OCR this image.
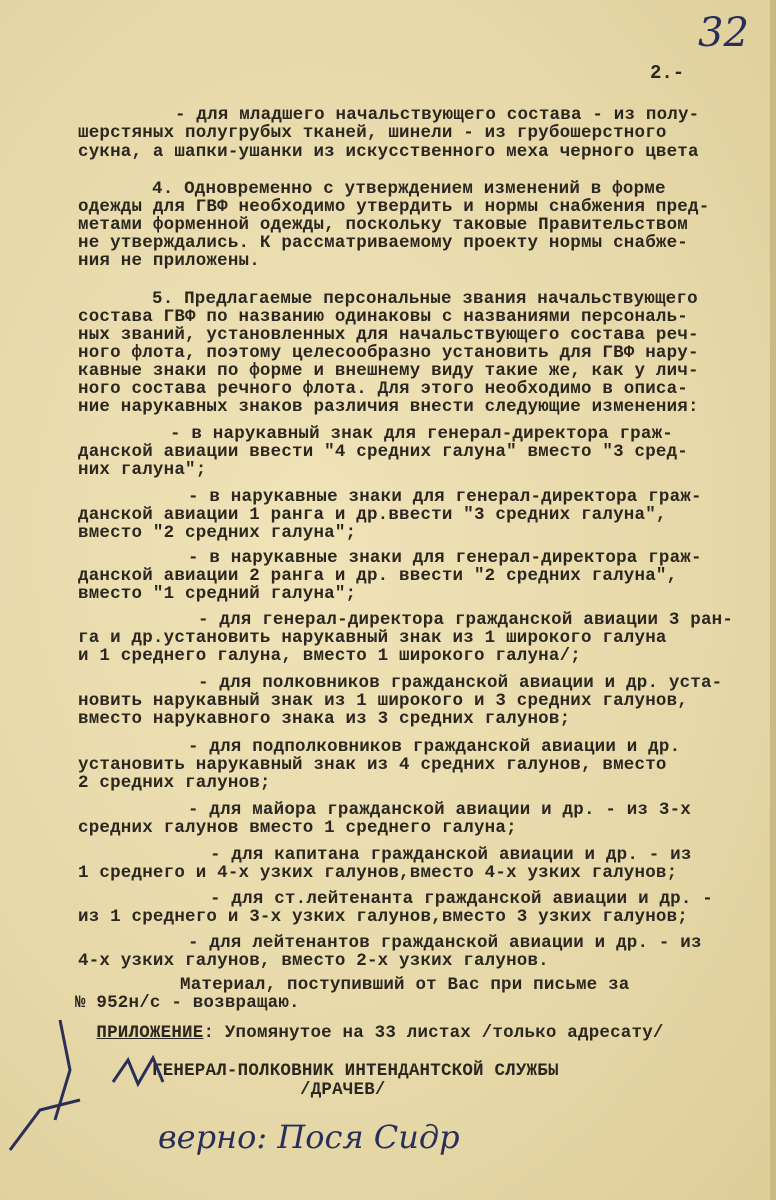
32
2.-
- для младшего начальствующего состава - из полу-
шерстяных полугрубых тканей, шинели - из грубошерстного
сукна, а шапки-ушанки из искусственного меха черного цвета
4. Одновременно с утверждением изменений в форме
одежды для ГВФ необходимо утвердить и нормы снабжения пред-
метами форменной одежды, поскольку таковые Правительством
не утверждались. К рассматриваемому проекту нормы снабже-
ния не приложены.
5. Предлагаемые персональные звания начальствующего
состава ГВФ по названию одинаковы с названиями персональ-
ных званий, установленных для начальствующего состава реч-
ного флота, поэтому целесообразно установить для ГВФ нару-
кавные знаки по форме и внешнему виду такие же, как у лич-
ного состава речного флота. Для этого необходимо в описа-
ние нарукавных знаков различия внести следующие изменения:
- в нарукавный знак для генерал-директора граж-
данской авиации ввести "4 средних галуна" вместо "3 сред-
них галуна";
- в нарукавные знаки для генерал-директора граж-
данской авиации 1 ранга и др.ввести "3 средних галуна",
вместо "2 средних галуна";
- в нарукавные знаки для генерал-директора граж-
данской авиации 2 ранга и др. ввести "2 средних галуна",
вместо "1 средний галуна";
- для генерал-директора гражданской авиации 3 ран-
га и др.установить нарукавный знак из 1 широкого галуна
и 1 среднего галуна, вместо 1 широкого галуна/;
- для полковников гражданской авиации и др. уста-
новить нарукавный знак из 1 широкого и 3 средних галунов,
вместо нарукавного знака из 3 средних галунов;
- для подполковников гражданской авиации и др.
установить нарукавный знак из 4 средних галунов, вместо
2 средних галунов;
- для майора гражданской авиации и др. - из 3-х
средних галунов вместо 1 среднего галуна;
- для капитана гражданской авиации и др. - из
1 среднего и 4-х узких галунов,вместо 4-х узких галунов;
- для ст.лейтенанта гражданской авиации и др. -
из 1 среднего и 3-х узких галунов,вместо 3 узких галунов;
- для лейтенантов гражданской авиации и др. - из
4-х узких галунов, вместо 2-х узких галунов.
Материал, поступивший от Вас при письме за
№ 952н/с - возвращаю.

ПРИЛОЖЕНИЕ: Упомянутое на 33 листах /только адресату/

ГЕНЕРАЛ-ПОЛКОВНИК ИНТЕНДАНТСКОЙ СЛУЖБЫ
/ДРАЧЕВ/
верно: Пося Сидр
